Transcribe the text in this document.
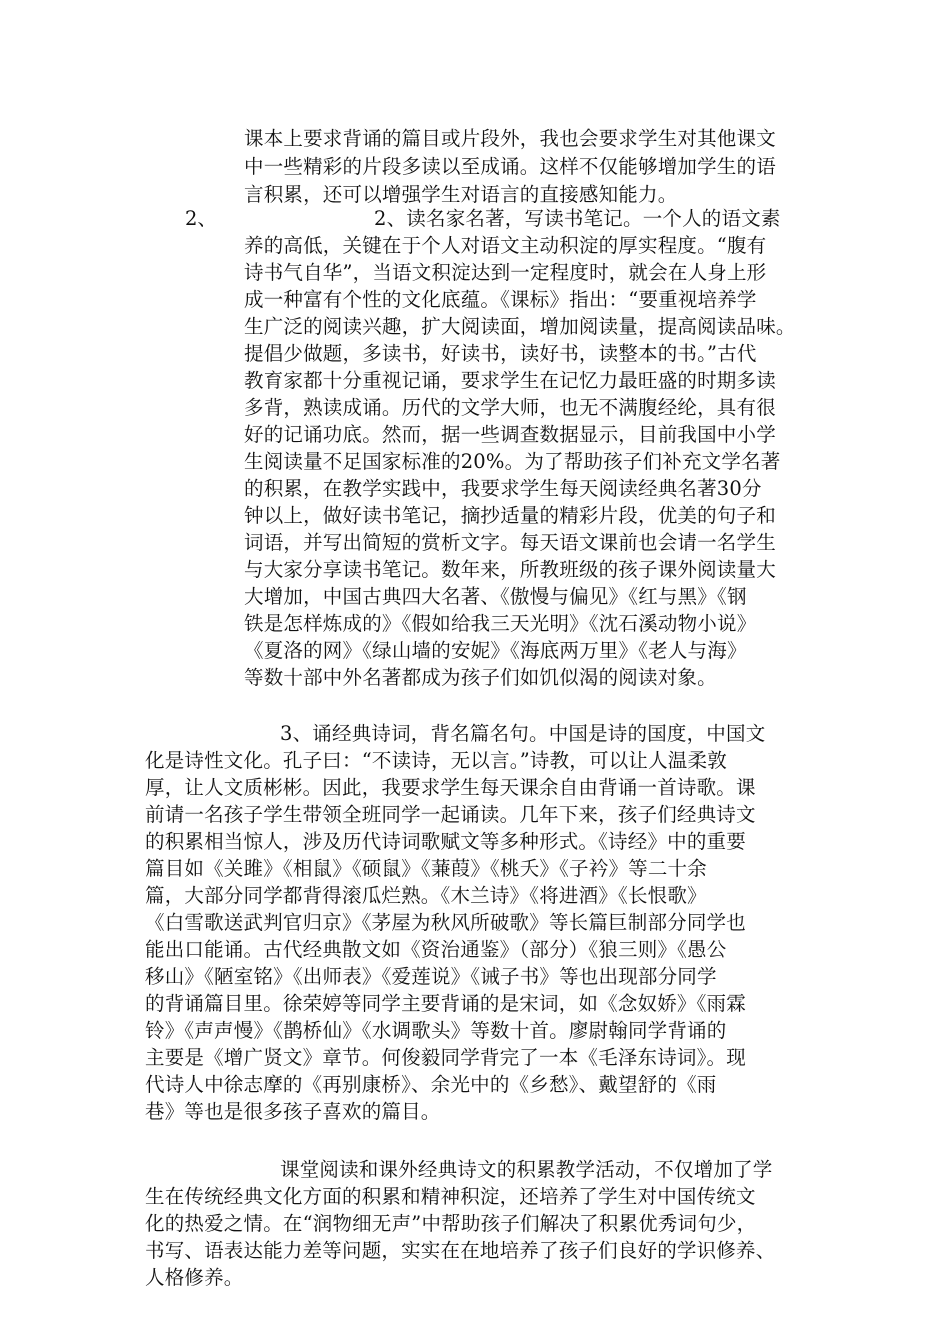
课本上要求背诵的篇目或片段外，我也会要求学生对其他课文

中一些精彩的片段多读以至成诵。这样不仅能够增加学生的语

言积累，还可以增强学生对语言的直接感知能力。

2、	2、读名家名著，写读书笔记。一个人的语文素

养的高低，关键在于个人对语文主动积淀的厚实程度。“腹有

诗书气自华”，当语文积淀达到一定程度时，就会在人身上形

成一种富有个性的文化底蕴。《课标》指出：“要重视培养学

生广泛的阅读兴趣，扩大阅读面，增加阅读量，提高阅读品味。

提倡少做题，多读书，好读书，读好书，读整本的书。”古代

教育家都十分重视记诵，要求学生在记忆力最旺盛的时期多读

多背，熟读成诵。历代的文学大师，也无不满腹经纶，具有很

好的记诵功底。然而，据一些调查数据显示，目前我国中小学

生阅读量不足国家标准的20%。为了帮助孩子们补充文学名著

的积累，在教学实践中，我要求学生每天阅读经典名著30分

钟以上，做好读书笔记，摘抄适量的精彩片段，优美的句子和

词语，并写出简短的赏析文字。每天语文课前也会请一名学生

与大家分享读书笔记。数年来，所教班级的孩子课外阅读量大

大增加，中国古典四大名著、《傲慢与偏见》《红与黑》《钢

铁是怎样炼成的》《假如给我三天光明》《沈石溪动物小说》

《夏洛的网》《绿山墙的安妮》《海底两万里》《老人与海》

等数十部中外名著都成为孩子们如饥似渴的阅读对象。

3、诵经典诗词，背名篇名句。中国是诗的国度，中国文

化是诗性文化。孔子曰：“不读诗，无以言。”诗教，可以让人温柔敦

厚，让人文质彬彬。因此，我要求学生每天课余自由背诵一首诗歌。课

前请一名孩子学生带领全班同学一起诵读。几年下来，孩子们经典诗文

的积累相当惊人，涉及历代诗词歌赋文等多种形式。《诗经》中的重要

篇目如《关雎》《相鼠》《硕鼠》《蒹葭》《桃夭》《子衿》等二十余

篇，大部分同学都背得滚瓜烂熟。《木兰诗》《将进酒》《长恨歌》

《白雪歌送武判官归京》《茅屋为秋风所破歌》等长篇巨制部分同学也

能出口能诵。古代经典散文如《资治通鉴》（部分）《狼三则》《愚公

移山》《陋室铭》《出师表》《爱莲说》《诫子书》等也出现部分同学

的背诵篇目里。徐荣婷等同学主要背诵的是宋词，如《念奴娇》《雨霖

铃》《声声慢》《鹊桥仙》《水调歌头》等数十首。廖尉翰同学背诵的

主要是《增广贤文》章节。何俊毅同学背完了一本《毛泽东诗词》。现

代诗人中徐志摩的《再别康桥》、余光中的《乡愁》、戴望舒的《雨

巷》等也是很多孩子喜欢的篇目。

课堂阅读和课外经典诗文的积累教学活动，不仅增加了学

生在传统经典文化方面的积累和精神积淀，还培养了学生对中国传统文

化的热爱之情。在“润物细无声”中帮助孩子们解决了积累优秀词句少，

书写、语表达能力差等问题，实实在在地培养了孩子们良好的学识修养、

人格修养。
